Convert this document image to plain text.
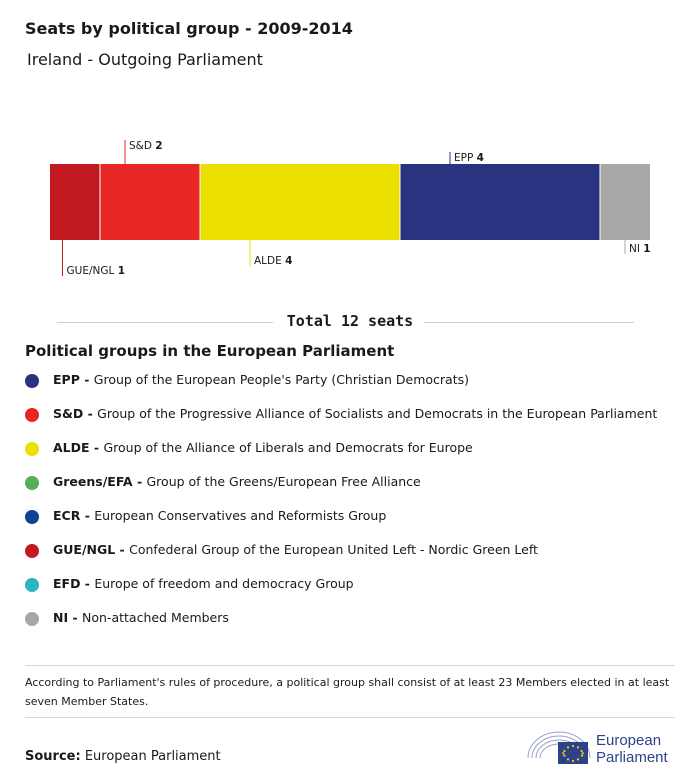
Seats by political group - 2009-2014
Ireland - Outgoing Parliament
GUE/NGL 1
S&D 2
ALDE 4
EPP 4
NI 1
Total 12 seats
Political groups in the European Parliament
EPP - Group of the European People's Party (Christian Democrats)
S&D - Group of the Progressive Alliance of Socialists and Democrats in the European Parliament
ALDE - Group of the Alliance of Liberals and Democrats for Europe
Greens/EFA - Group of the Greens/European Free Alliance
ECR - European Conservatives and Reformists Group
GUE/NGL - Confederal Group of the European United Left - Nordic Green Left
EFD - Europe of freedom and democracy Group
NI - Non-attached Members
According to Parliament's rules of procedure, a political group shall consist of at least 23 Members elected in at least seven Member States.
Source: European Parliament
European
Parliament
